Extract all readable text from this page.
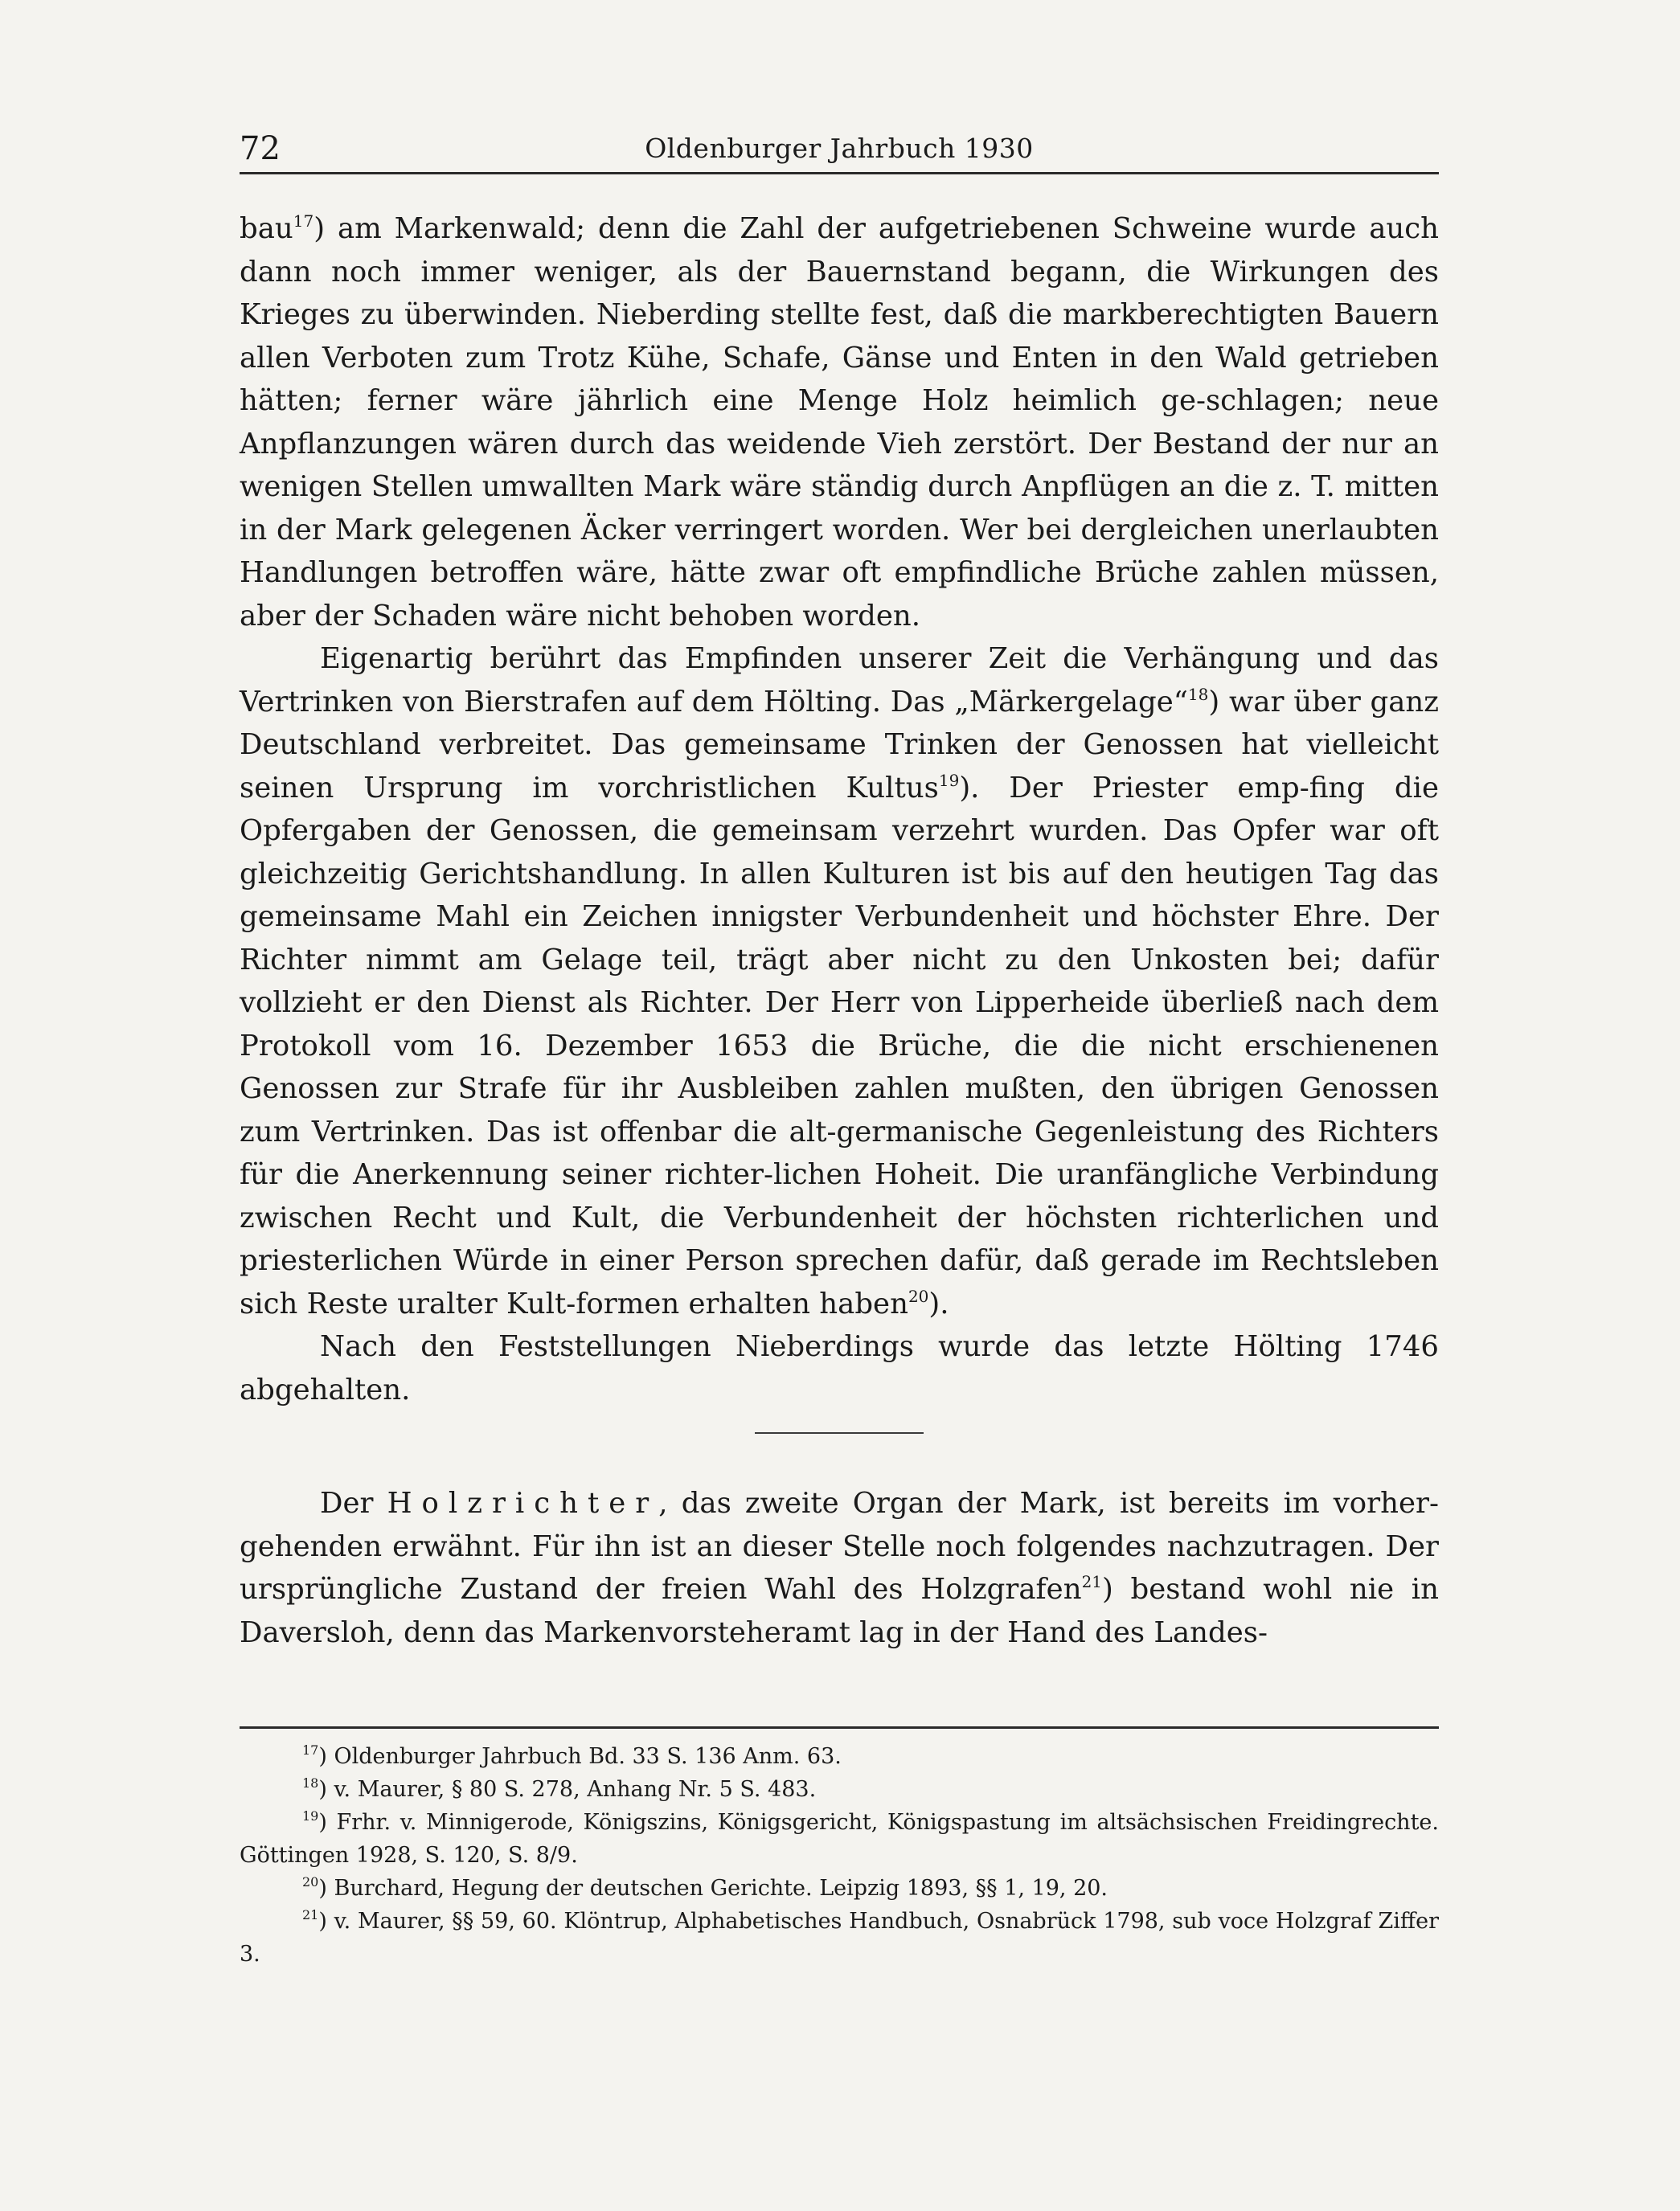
72	Oldenburger Jahrbuch 1930

bau$^{17}$) am Markenwald; denn die Zahl der aufgetriebenen Schweine wurde auch dann noch immer weniger, als der Bauernstand begann, die Wirkungen des Krieges zu überwinden. Nieberding stellte fest, daß die markberechtigten Bauern allen Verboten zum Trotz Kühe, Schafe, Gänse und Enten in den Wald getrieben hätten; ferner wäre jährlich eine Menge Holz heimlich ge-schlagen; neue Anpflanzungen wären durch das weidende Vieh zerstört. Der Bestand der nur an wenigen Stellen umwallten Mark wäre ständig durch Anpflügen an die z. T. mitten in der Mark gelegenen Äcker verringert worden. Wer bei dergleichen unerlaubten Handlungen betroffen wäre, hätte zwar oft empfindliche Brüche zahlen müssen, aber der Schaden wäre nicht behoben worden.

Eigenartig berührt das Empfinden unserer Zeit die Verhängung und das Vertrinken von Bierstrafen auf dem Hölting. Das „Märkergelage“$^{18}$) war über ganz Deutschland verbreitet. Das gemeinsame Trinken der Genossen hat vielleicht seinen Ursprung im vorchristlichen Kultus$^{19}$). Der Priester emp-fing die Opfergaben der Genossen, die gemeinsam verzehrt wurden. Das Opfer war oft gleichzeitig Gerichtshandlung. In allen Kulturen ist bis auf den heutigen Tag das gemeinsame Mahl ein Zeichen innigster Verbundenheit und höchster Ehre. Der Richter nimmt am Gelage teil, trägt aber nicht zu den Unkosten bei; dafür vollzieht er den Dienst als Richter. Der Herr von Lipperheide überließ nach dem Protokoll vom 16. Dezember 1653 die Brüche, die die nicht erschienenen Genossen zur Strafe für ihr Ausbleiben zahlen mußten, den übrigen Genossen zum Vertrinken. Das ist offenbar die alt-germanische Gegenleistung des Richters für die Anerkennung seiner richter-lichen Hoheit. Die uranfängliche Verbindung zwischen Recht und Kult, die Verbundenheit der höchsten richterlichen und priesterlichen Würde in einer Person sprechen dafür, daß gerade im Rechtsleben sich Reste uralter Kult-formen erhalten haben$^{20}$).

Nach den Feststellungen Nieberdings wurde das letzte Hölting 1746 abgehalten.

Der Holzrichter, das zweite Organ der Mark, ist bereits im vorher-gehenden erwähnt. Für ihn ist an dieser Stelle noch folgendes nachzutragen. Der ursprüngliche Zustand der freien Wahl des Holzgrafen$^{21}$) bestand wohl nie in Daversloh, denn das Markenvorsteheramt lag in der Hand des Landes-

$^{17}$) Oldenburger Jahrbuch Bd. 33 S. 136 Anm. 63.

$^{18}$) v. Maurer, § 80 S. 278, Anhang Nr. 5 S. 483.

$^{19}$) Frhr. v. Minnigerode, Königszins, Königsgericht, Königspastung im altsächsischen Freidingrechte. Göttingen 1928, S. 120, S. 8/9.

$^{20}$) Burchard, Hegung der deutschen Gerichte. Leipzig 1893, §§ 1, 19, 20.

$^{21}$) v. Maurer, §§ 59, 60. Klöntrup, Alphabetisches Handbuch, Osnabrück 1798, sub voce Holzgraf Ziffer 3.
